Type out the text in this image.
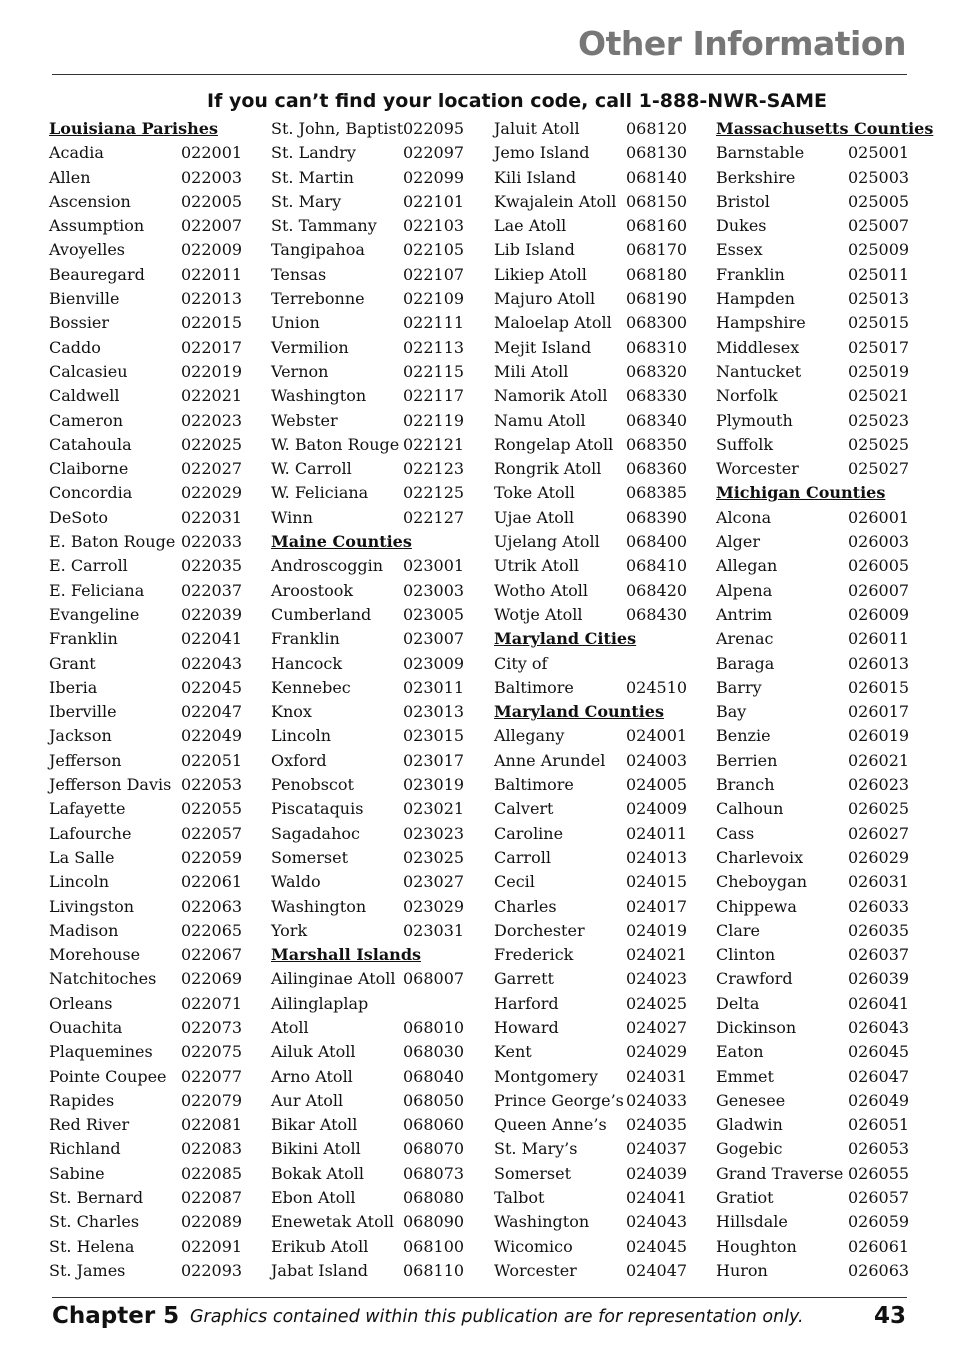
Other Information
If you can’t find your location code, call 1-888-NWR-SAME
Louisiana Parishes
Acadia	022001
Allen	022003
Ascension	022005
Assumption 022007
Avoyelles	022009
Beauregard 022011
Bienville	022013
Bossier	022015
Caddo	022017
Calcasieu	022019
Caldwell	022021
Cameron	022023
Catahoula	022025
Claiborne	022027
Concordia	022029
DeSoto	022031
E. Baton Rouge 022033
E. Carroll	022035
E. Feliciana 022037
Evangeline	022039
Franklin	022041
Grant	022043
Iberia	022045
Iberville	022047
Jackson	022049
Jefferson	022051
Jefferson Davis 022053
Lafayette	022055
Lafourche	022057
La Salle	022059
Lincoln	022061
Livingston	022063
Madison	022065
Morehouse	022067
Natchitoches 022069
Orleans	022071
Ouachita	022073
Plaquemines 022075
Pointe Coupee 022077
Rapides	022079
Red River	022081
Richland	022083
Sabine	022085
St. Bernard 022087
St. Charles	022089
St. Helena	022091
St. James	022093
St. John, Baptist 022095
St. Landry	022097
St. Martin	022099
St. Mary	022101
St. Tammany 022103
Tangipahoa 022105
Tensas	022107
Terrebonne 022109
Union	022111
Vermilion	022113
Vernon	022115
Washington 022117
Webster	022119
W. Baton Rouge 022121
W. Carroll	022123
W. Feliciana 022125
Winn	022127
Maine Counties
Androscoggin 023001
Aroostook	023003
Cumberland 023005
Franklin	023007
Hancock	023009
Kennebec	023011
Knox	023013
Lincoln	023015
Oxford	023017
Penobscot	023019
Piscataquis 023021
Sagadahoc	023023
Somerset	023025
Waldo	023027
Washington 023029
York	023031
Marshall Islands
Ailinginae Atoll 068007
Ailinglaplap
Atoll	068010
Ailuk Atoll	068030
Arno Atoll	068040
Aur Atoll	068050
Bikar Atoll	068060
Bikini Atoll	068070
Bokak Atoll 068073
Ebon Atoll	068080
Enewetak Atoll 068090
Erikub Atoll 068100
Jabat Island 068110
Jaluit Atoll	068120
Jemo Island 068130
Kili Island	068140
Kwajalein Atoll 068150
Lae Atoll	068160
Lib Island	068170
Likiep Atoll 068180
Majuro Atoll 068190
Maloelap Atoll 068300
Mejit Island 068310
Mili Atoll	068320
Namorik Atoll 068330
Namu Atoll	068340
Rongelap Atoll 068350
Rongrik Atoll 068360
Toke Atoll	068385
Ujae Atoll	068390
Ujelang Atoll 068400
Utrik Atoll	068410
Wotho Atoll 068420
Wotje Atoll	068430
Maryland Cities
City of
Baltimore	024510
Maryland Counties
Allegany	024001
Anne Arundel 024003
Baltimore	024005
Calvert	024009
Caroline	024011
Carroll	024013
Cecil	024015
Charles	024017
Dorchester	024019
Frederick	024021
Garrett	024023
Harford	024025
Howard	024027
Kent	024029
Montgomery 024031
Prince George’s 024033
Queen Anne’s 024035
St. Mary’s	024037
Somerset	024039
Talbot	024041
Washington 024043
Wicomico	024045
Worcester	024047
Massachusetts Counties
Barnstable	025001
Berkshire	025003
Bristol	025005
Dukes	025007
Essex	025009
Franklin	025011
Hampden	025013
Hampshire	025015
Middlesex	025017
Nantucket	025019
Norfolk	025021
Plymouth	025023
Suffolk	025025
Worcester	025027
Michigan Counties
Alcona	026001
Alger	026003
Allegan	026005
Alpena	026007
Antrim	026009
Arenac	026011
Baraga	026013
Barry	026015
Bay	026017
Benzie	026019
Berrien	026021
Branch	026023
Calhoun	026025
Cass	026027
Charlevoix	026029
Cheboygan	026031
Chippewa	026033
Clare	026035
Clinton	026037
Crawford	026039
Delta	026041
Dickinson	026043
Eaton	026045
Emmet	026047
Genesee	026049
Gladwin	026051
Gogebic	026053
Grand Traverse 026055
Gratiot	026057
Hillsdale	026059
Houghton	026061
Huron	026063
Chapter 5 Graphics contained within this publication are for representation only.	43
